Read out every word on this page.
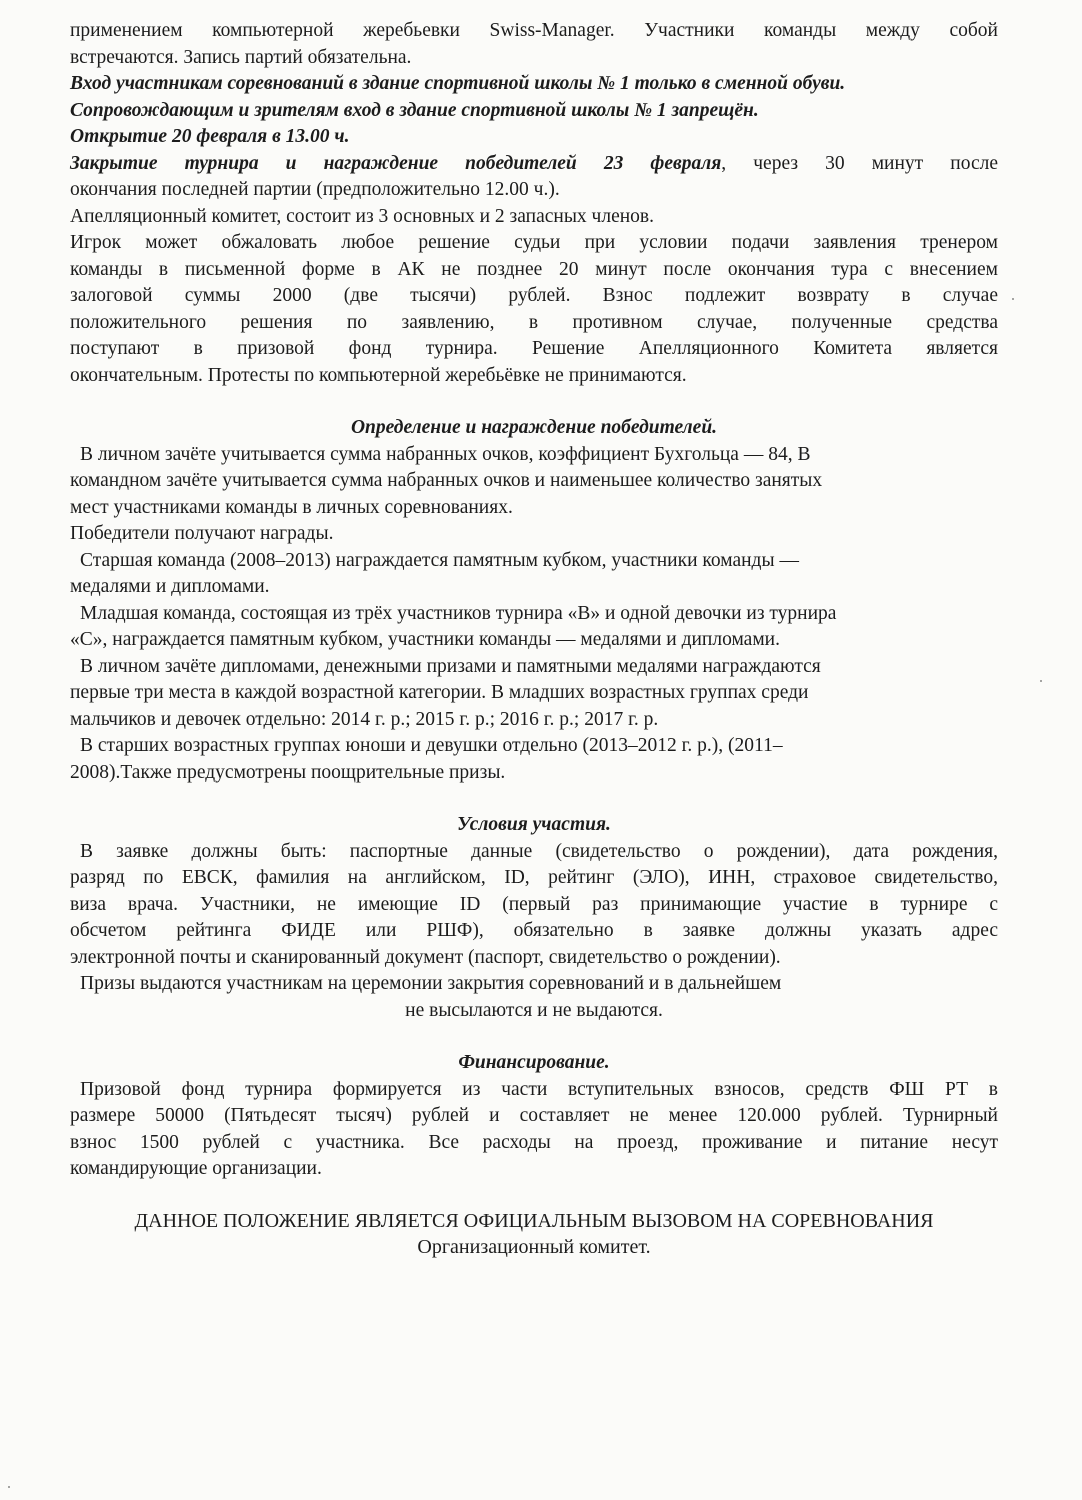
применением компьютерной жеребьевки Swiss-Manager. Участники команды между собой
встречаются. Запись партий обязательна.
Вход участникам соревнований в здание спортивной школы № 1 только в сменной обуви.
Сопровождающим и зрителям вход в здание спортивной школы № 1 запрещён.
Открытие 20 февраля в 13.00 ч.
Закрытие турнира и награждение победителей 23 февраля, через 30 минут после
окончания последней партии (предположительно 12.00 ч.).
Апелляционный комитет, состоит из 3 основных и 2 запасных членов.
Игрок может обжаловать любое решение судьи при условии подачи заявления тренером
команды в письменной форме в АК не позднее 20 минут после окончания тура с внесением
залоговой суммы 2000 (две тысячи) рублей. Взнос подлежит возврату в случае
положительного решения по заявлению, в противном случае, полученные средства
поступают в призовой фонд турнира. Решение Апелляционного Комитета является
окончательным. Протесты по компьютерной жеребьёвке не принимаются.
Определение и награждение победителей.
В личном зачёте учитывается сумма набранных очков, коэффициент Бухгольца — 84, В
командном зачёте учитывается сумма набранных очков и наименьшее количество занятых
мест участниками команды в личных соревнованиях.
Победители получают награды.
Старшая команда (2008–2013) награждается памятным кубком, участники команды —
медалями и дипломами.
Младшая команда, состоящая из трёх участников турнира «В» и одной девочки из турнира
«С», награждается памятным кубком, участники команды — медалями и дипломами.
В личном зачёте дипломами, денежными призами и памятными медалями награждаются
первые три места в каждой возрастной категории. В младших возрастных группах среди
мальчиков и девочек отдельно: 2014 г. р.; 2015 г. р.; 2016 г. р.; 2017 г. р.
В старших возрастных группах юноши и девушки отдельно (2013–2012 г. р.), (2011–
2008).Также предусмотрены поощрительные призы.
Условия участия.
В заявке должны быть: паспортные данные (свидетельство о рождении), дата рождения,
разряд по ЕВСК, фамилия на английском, ID, рейтинг (ЭЛО), ИНН, страховое свидетельство,
виза врача. Участники, не имеющие ID (первый раз принимающие участие в турнире с
обсчетом рейтинга ФИДЕ или РШФ), обязательно в заявке должны указать адрес
электронной почты и сканированный документ (паспорт, свидетельство о рождении).
Призы выдаются участникам на церемонии закрытия соревнований и в дальнейшем
не высылаются и не выдаются.
Финансирование.
Призовой фонд турнира формируется из части вступительных взносов, средств ФШ РТ в
размере 50000 (Пятьдесят тысяч) рублей и составляет не менее 120.000 рублей. Турнирный
взнос 1500 рублей с участника. Все расходы на проезд, проживание и питание несут
командирующие организации.
ДАННОЕ ПОЛОЖЕНИЕ ЯВЛЯЕТСЯ ОФИЦИАЛЬНЫМ ВЫЗОВОМ НА СОРЕВНОВАНИЯ
Организационный комитет.
